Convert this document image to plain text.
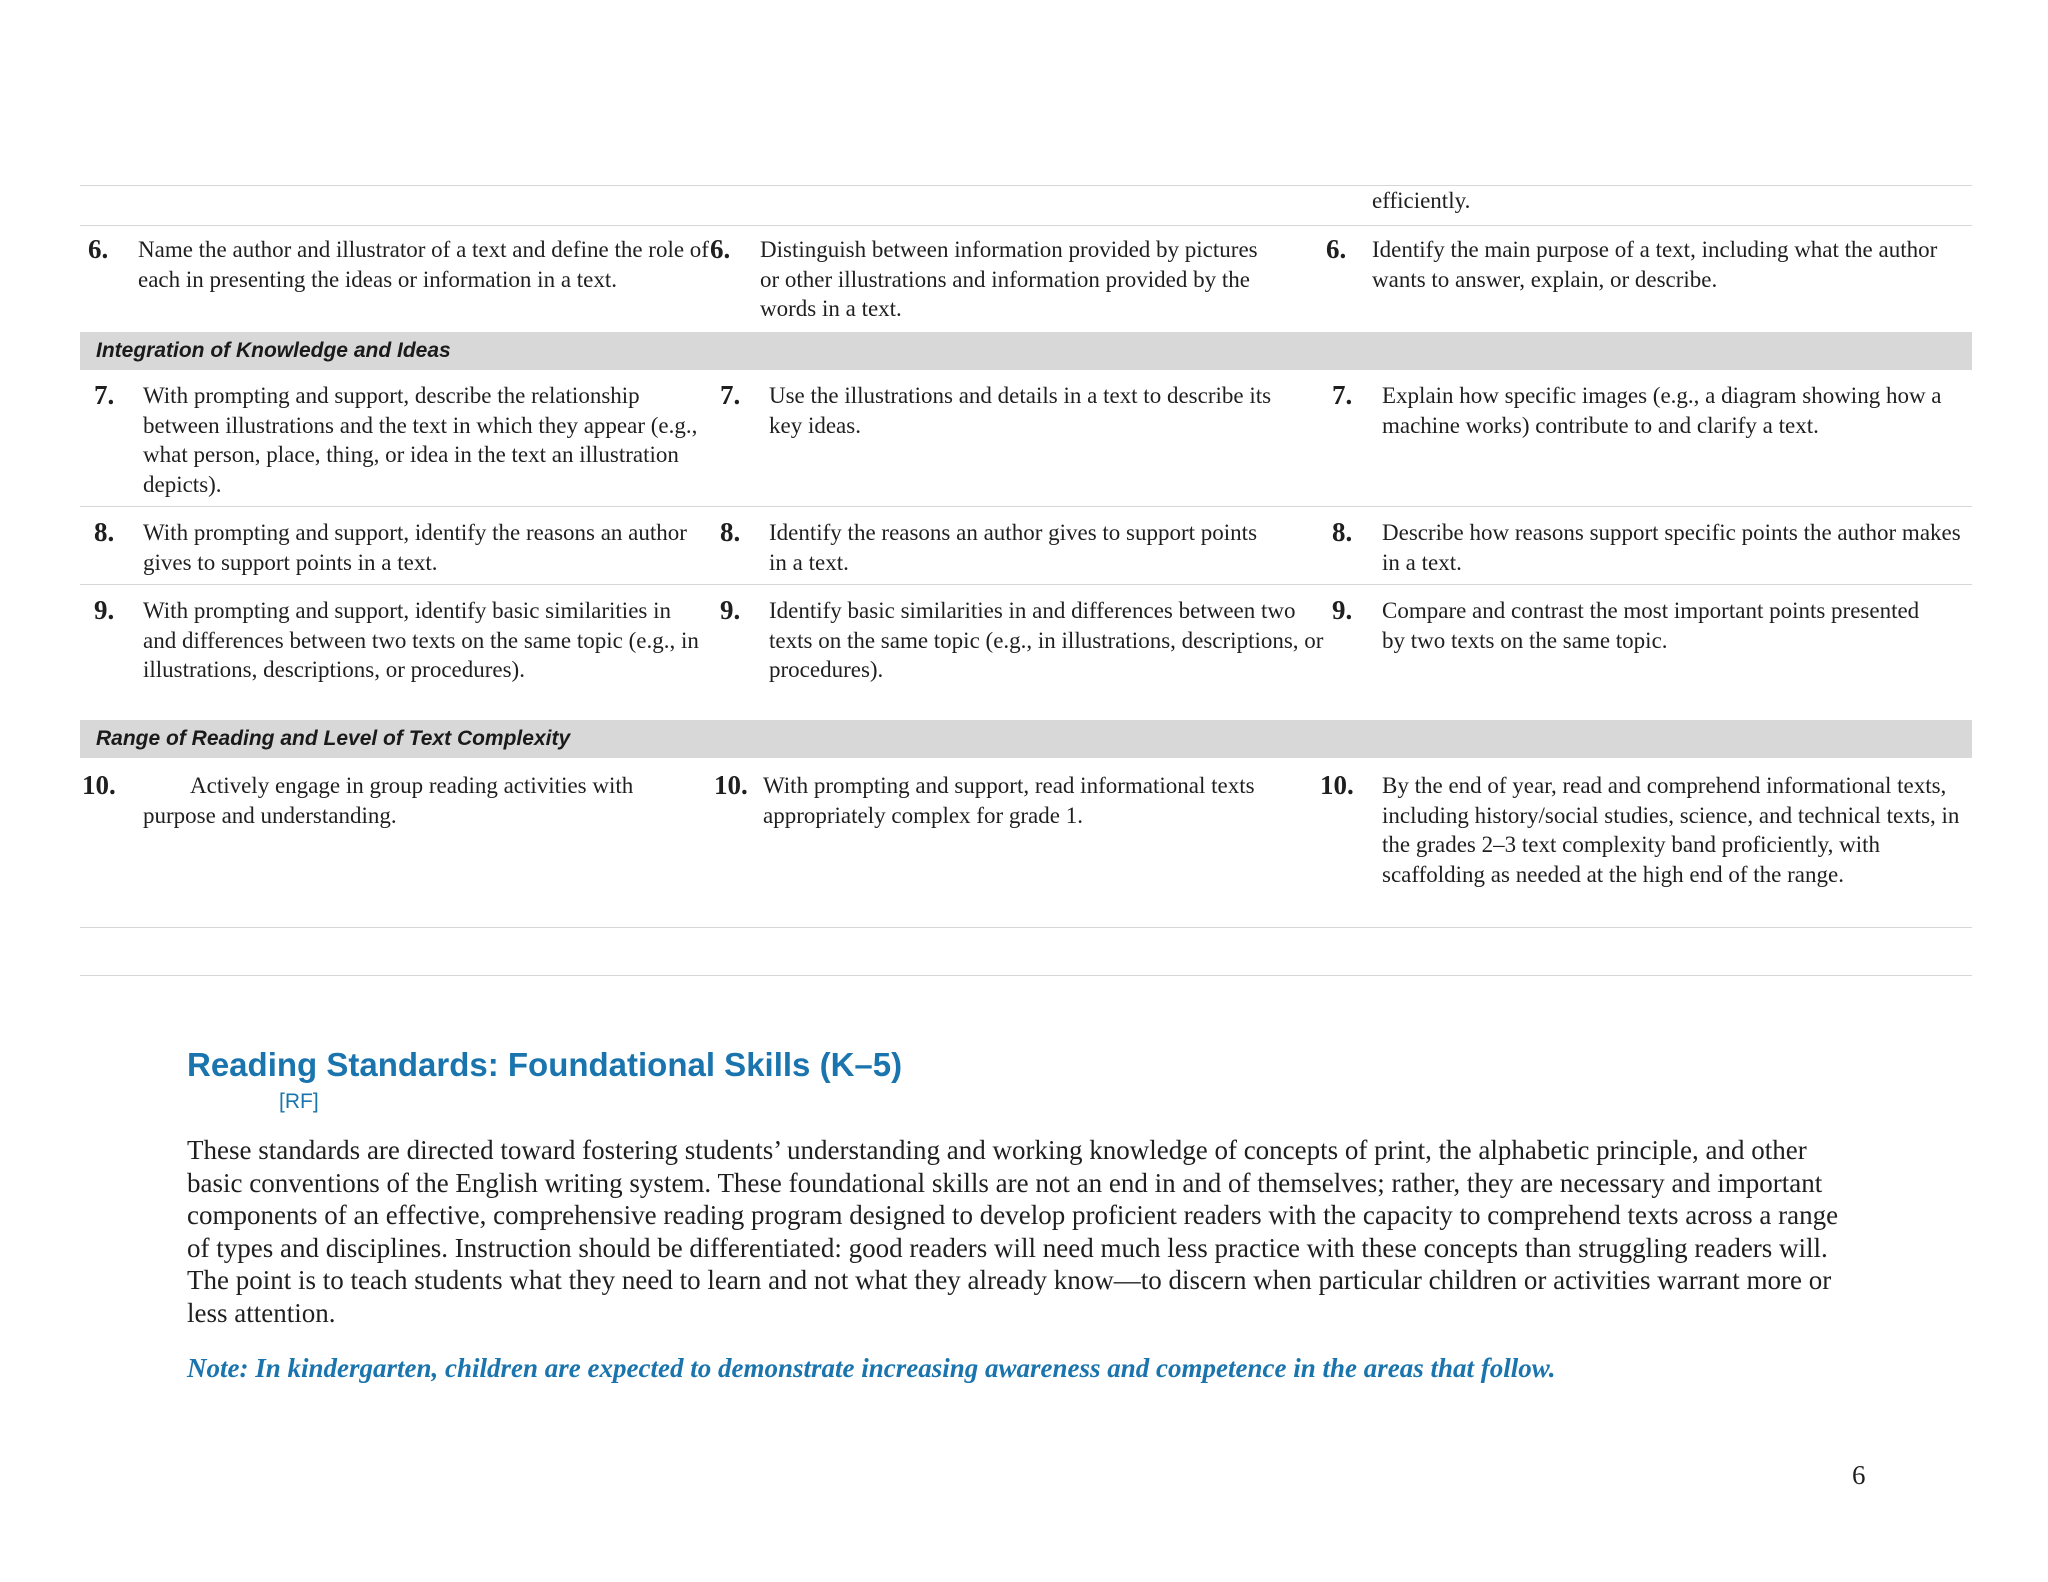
efficiently.
6. Name the author and illustrator of a text and define the role of each in presenting the ideas or information in a text.
6. Distinguish between information provided by pictures or other illustrations and information provided by the words in a text.
6. Identify the main purpose of a text, including what the author wants to answer, explain, or describe.
Integration of Knowledge and Ideas
7. With prompting and support, describe the relationship between illustrations and the text in which they appear (e.g., what person, place, thing, or idea in the text an illustration depicts).
7. Use the illustrations and details in a text to describe its key ideas.
7. Explain how specific images (e.g., a diagram showing how a machine works) contribute to and clarify a text.
8. With prompting and support, identify the reasons an author gives to support points in a text.
8. Identify the reasons an author gives to support points in a text.
8. Describe how reasons support specific points the author makes in a text.
9. With prompting and support, identify basic similarities in and differences between two texts on the same topic (e.g., in illustrations, descriptions, or procedures).
9. Identify basic similarities in and differences between two texts on the same topic (e.g., in illustrations, descriptions, or procedures).
9. Compare and contrast the most important points presented by two texts on the same topic.
Range of Reading and Level of Text Complexity
10.	Actively engage in group reading activities with purpose and understanding.
10. With prompting and support, read informational texts appropriately complex for grade 1.
10. By the end of year, read and comprehend informational texts, including history/social studies, science, and technical texts, in the grades 2–3 text complexity band proficiently, with scaffolding as needed at the high end of the range.
Reading Standards: Foundational Skills (K–5)
[RF]
These standards are directed toward fostering students’ understanding and working knowledge of concepts of print, the alphabetic principle, and other basic conventions of the English writing system. These foundational skills are not an end in and of themselves; rather, they are necessary and important components of an effective, comprehensive reading program designed to develop proficient readers with the capacity to comprehend texts across a range of types and disciplines. Instruction should be differentiated: good readers will need much less practice with these concepts than struggling readers will. The point is to teach students what they need to learn and not what they already know—to discern when particular children or activities warrant more or less attention.
Note: In kindergarten, children are expected to demonstrate increasing awareness and competence in the areas that follow.
6
